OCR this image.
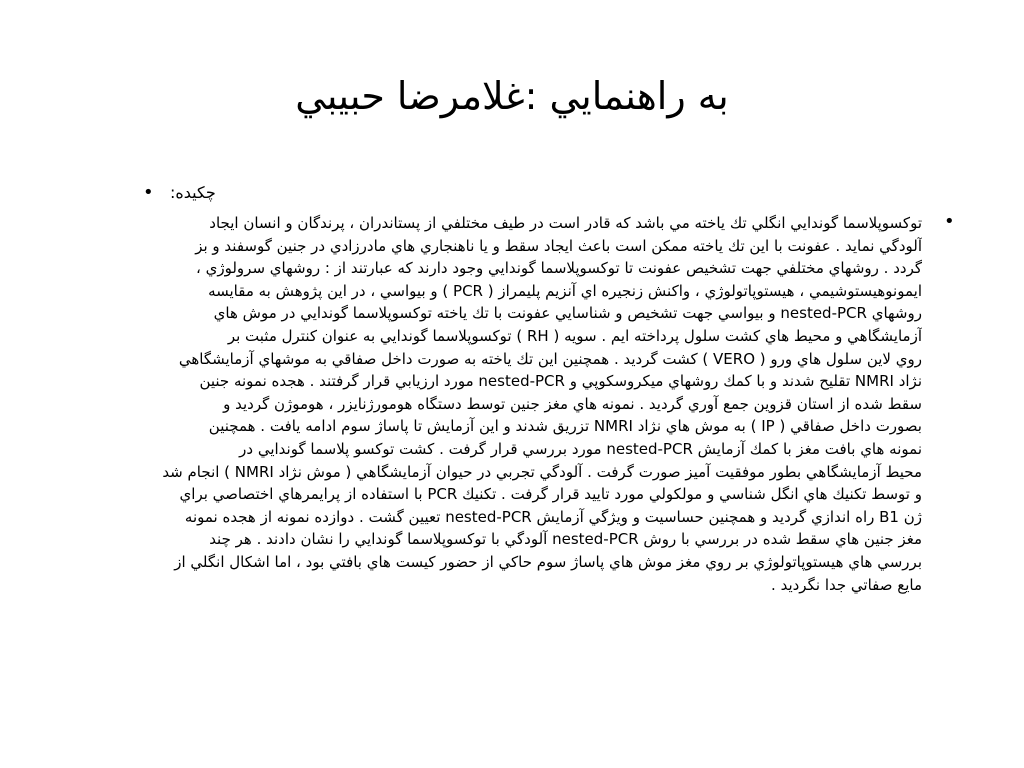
به راهنمايي :غلامرضا حبيبي
• چكيده:
•
توكسوپلاسما گوندايي انگلي تك ياخته مي باشد كه قادر است در طيف مختلفي از پستاندران ، پرندگان و انسان ايجاد
آلودگي نمايد . عفونت با اين تك ياخته ممكن است باعث ايجاد سقط و يا ناهنجاري هاي مادرزادي در جنين گوسفند و بز
گردد . روشهاي مختلفي جهت تشخيص عفونت تا توكسوپلاسما گوندايي وجود دارند كه عبارتند از : روشهاي سرولوژي ،
ايمونوهيستوشيمي ، هيستوپاتولوژي ، واكنش زنجيره اي آنزيم پليمراز ( PCR ) و بيواسي ، در اين پژوهش به مقايسه
روشهاي nested-PCR و بيواسي جهت تشخيص و شناسايي عفونت با تك ياخته توكسوپلاسما گوندايي در موش هاي
آزمايشگاهي و محيط هاي كشت سلول پرداخته ايم . سويه ( RH ) توكسوپلاسما گوندايي به عنوان كنترل مثبت بر
روي لاين سلول هاي ورو ( VERO ) كشت گرديد . همچنين اين تك ياخته به صورت داخل صفاقي به موشهاي آزمايشگاهي
نژاد NMRI تقليح شدند و با كمك روشهاي ميكروسكوپي و nested-PCR مورد ارزيابي قرار گرفتند . هجده نمونه جنين
سقط شده از استان قزوين جمع آوري گرديد . نمونه هاي مغز جنين توسط دستگاه هومورژنايزر ، هوموژن گرديد و
بصورت داخل صفاقي ( IP ) به موش هاي نژاد NMRI تزريق شدند و اين آزمايش تا پاساژ سوم ادامه يافت . همچنين
نمونه هاي بافت مغز با كمك آزمايش nested-PCR مورد بررسي قرار گرفت . كشت توكسو پلاسما گوندايي در
محيط آزمايشگاهي بطور موفقيت آميز صورت گرفت . آلودگي تجربي در حيوان آزمايشگاهي ( موش نژاد NMRI ) انجام شد
و توسط تكنيك هاي انگل شناسي و مولكولي مورد تاييد قرار گرفت . تكنيك PCR با استفاده از پرايمرهاي اختصاصي براي
ژن B1 راه اندازي گرديد و همچنين حساسيت و ويژگي آزمايش nested-PCR تعيين گشت . دوازده نمونه از هجده نمونه
مغز جنين هاي سقط شده در بررسي با روش nested-PCR آلودگي با توكسوپلاسما گوندايي را نشان دادند . هر چند
بررسي هاي هيستوپاتولوژي بر روي مغز موش هاي پاساژ سوم حاكي از حضور كيست هاي بافتي بود ، اما اشكال انگلي از
مايع صفاتي جدا نگرديد .
